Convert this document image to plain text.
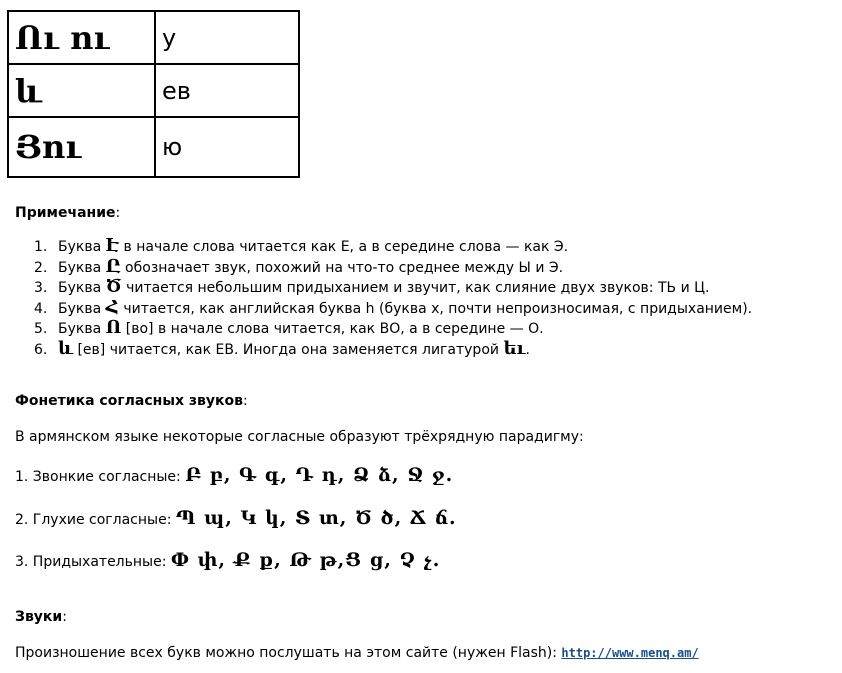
Ու ու	у
և	ев
Յու	ю
Примечание:
1. Буква Է в начале слова читается как Е, а в середине слова — как Э.
2. Буква Ը обозначает звук, похожий на что-то среднее между Ы и Э.
3. Буква Ծ читается небольшим придыханием и звучит, как слияние двух звуков: ТЬ и Ц.
4. Буква Հ читается, как английская буква h (буква х, почти непроизносимая, с придыханием).
5. Буква Ո [во] в начале слова читается, как ВО, а в середине — О.
6. և [ев] читается, как ЕВ. Иногда она заменяется лигатурой եւ.
Фонетика согласных звуков:
В армянском языке некоторые согласные образуют трёхрядную парадигму:
1. Звонкие согласные: Բ բ, Գ գ, Դ դ, Ձ ձ, Ջ ջ.
2. Глухие согласные: Պ պ, Կ կ, Տ տ, Ծ ծ, Ճ ճ.
3. Придыхательные: Փ փ, Ք ք, Թ թ,Ց ց, Չ չ.
Звуки:
Произношение всех букв можно послушать на этом сайте (нужен Flash): http://www.menq.am/
